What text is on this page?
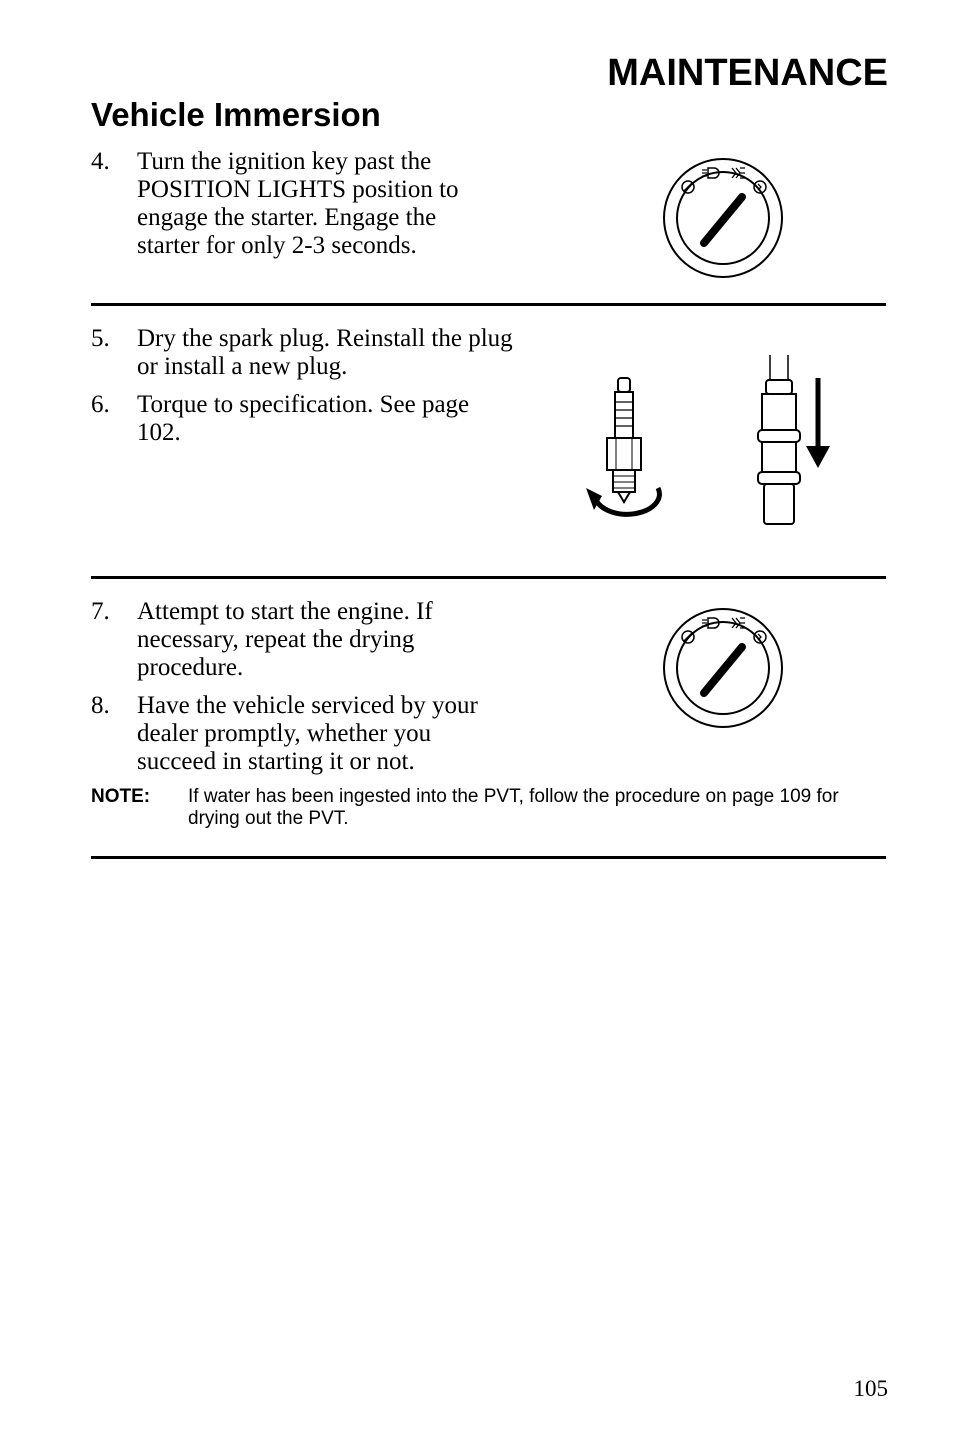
MAINTENANCE
Vehicle Immersion
4. Turn the ignition key past the POSITION LIGHTS position to engage the starter. Engage the starter for only 2-3 seconds.
5. Dry the spark plug. Reinstall the plug or install a new plug.
6. Torque to specification. See page 102.
7. Attempt to start the engine. If necessary, repeat the drying procedure.
8. Have the vehicle serviced by your dealer promptly, whether you succeed in starting it or not.
NOTE: If water has been ingested into the PVT, follow the procedure on page 109 for drying out the PVT.
105
